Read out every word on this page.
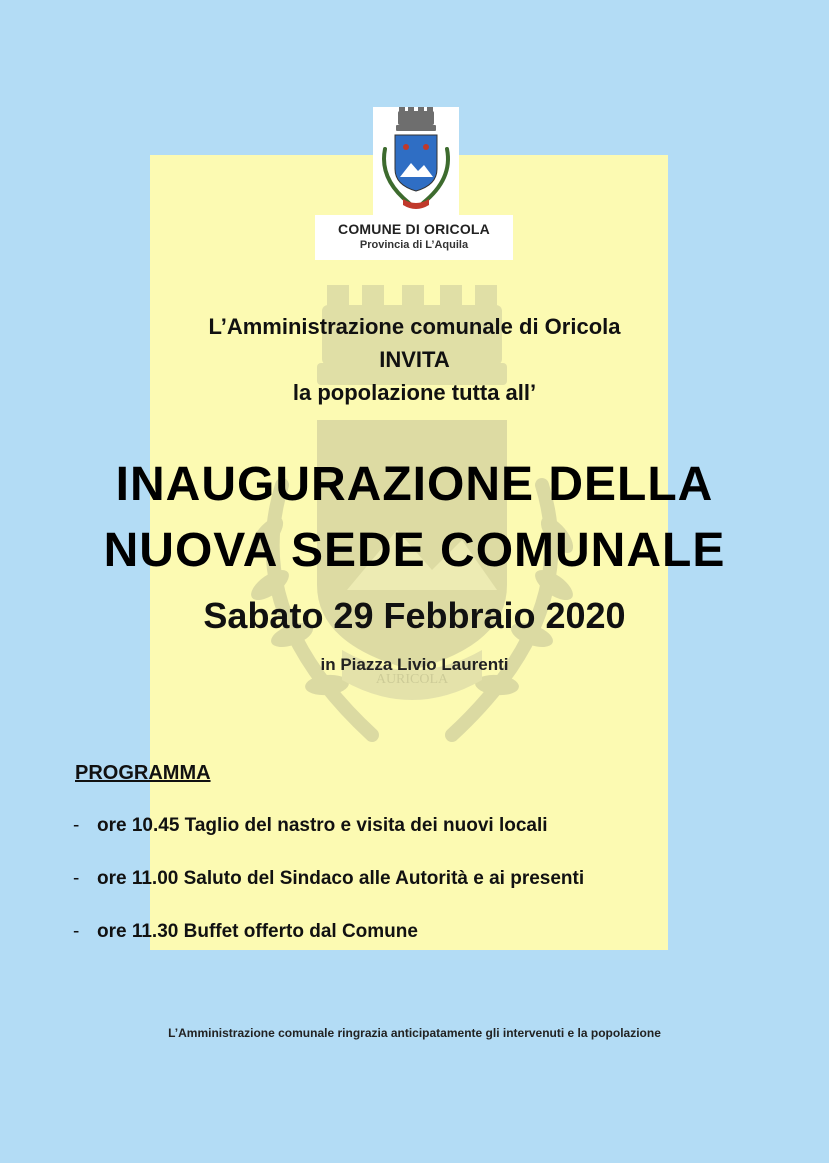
AURICOLA
COMUNE DI ORICOLA
Provincia di L’Aquila
L’Amministrazione comunale di Oricola
INVITA
la popolazione tutta all’
INAUGURAZIONE DELLA
NUOVA SEDE COMUNALE
Sabato 29 Febbraio 2020
in Piazza Livio Laurenti
PROGRAMMA
- ore 10.45 Taglio del nastro e visita dei nuovi locali
- ore 11.00 Saluto del Sindaco alle Autorità e ai presenti
- ore 11.30 Buffet offerto dal Comune
L’Amministrazione comunale ringrazia anticipatamente gli intervenuti e la popolazione
